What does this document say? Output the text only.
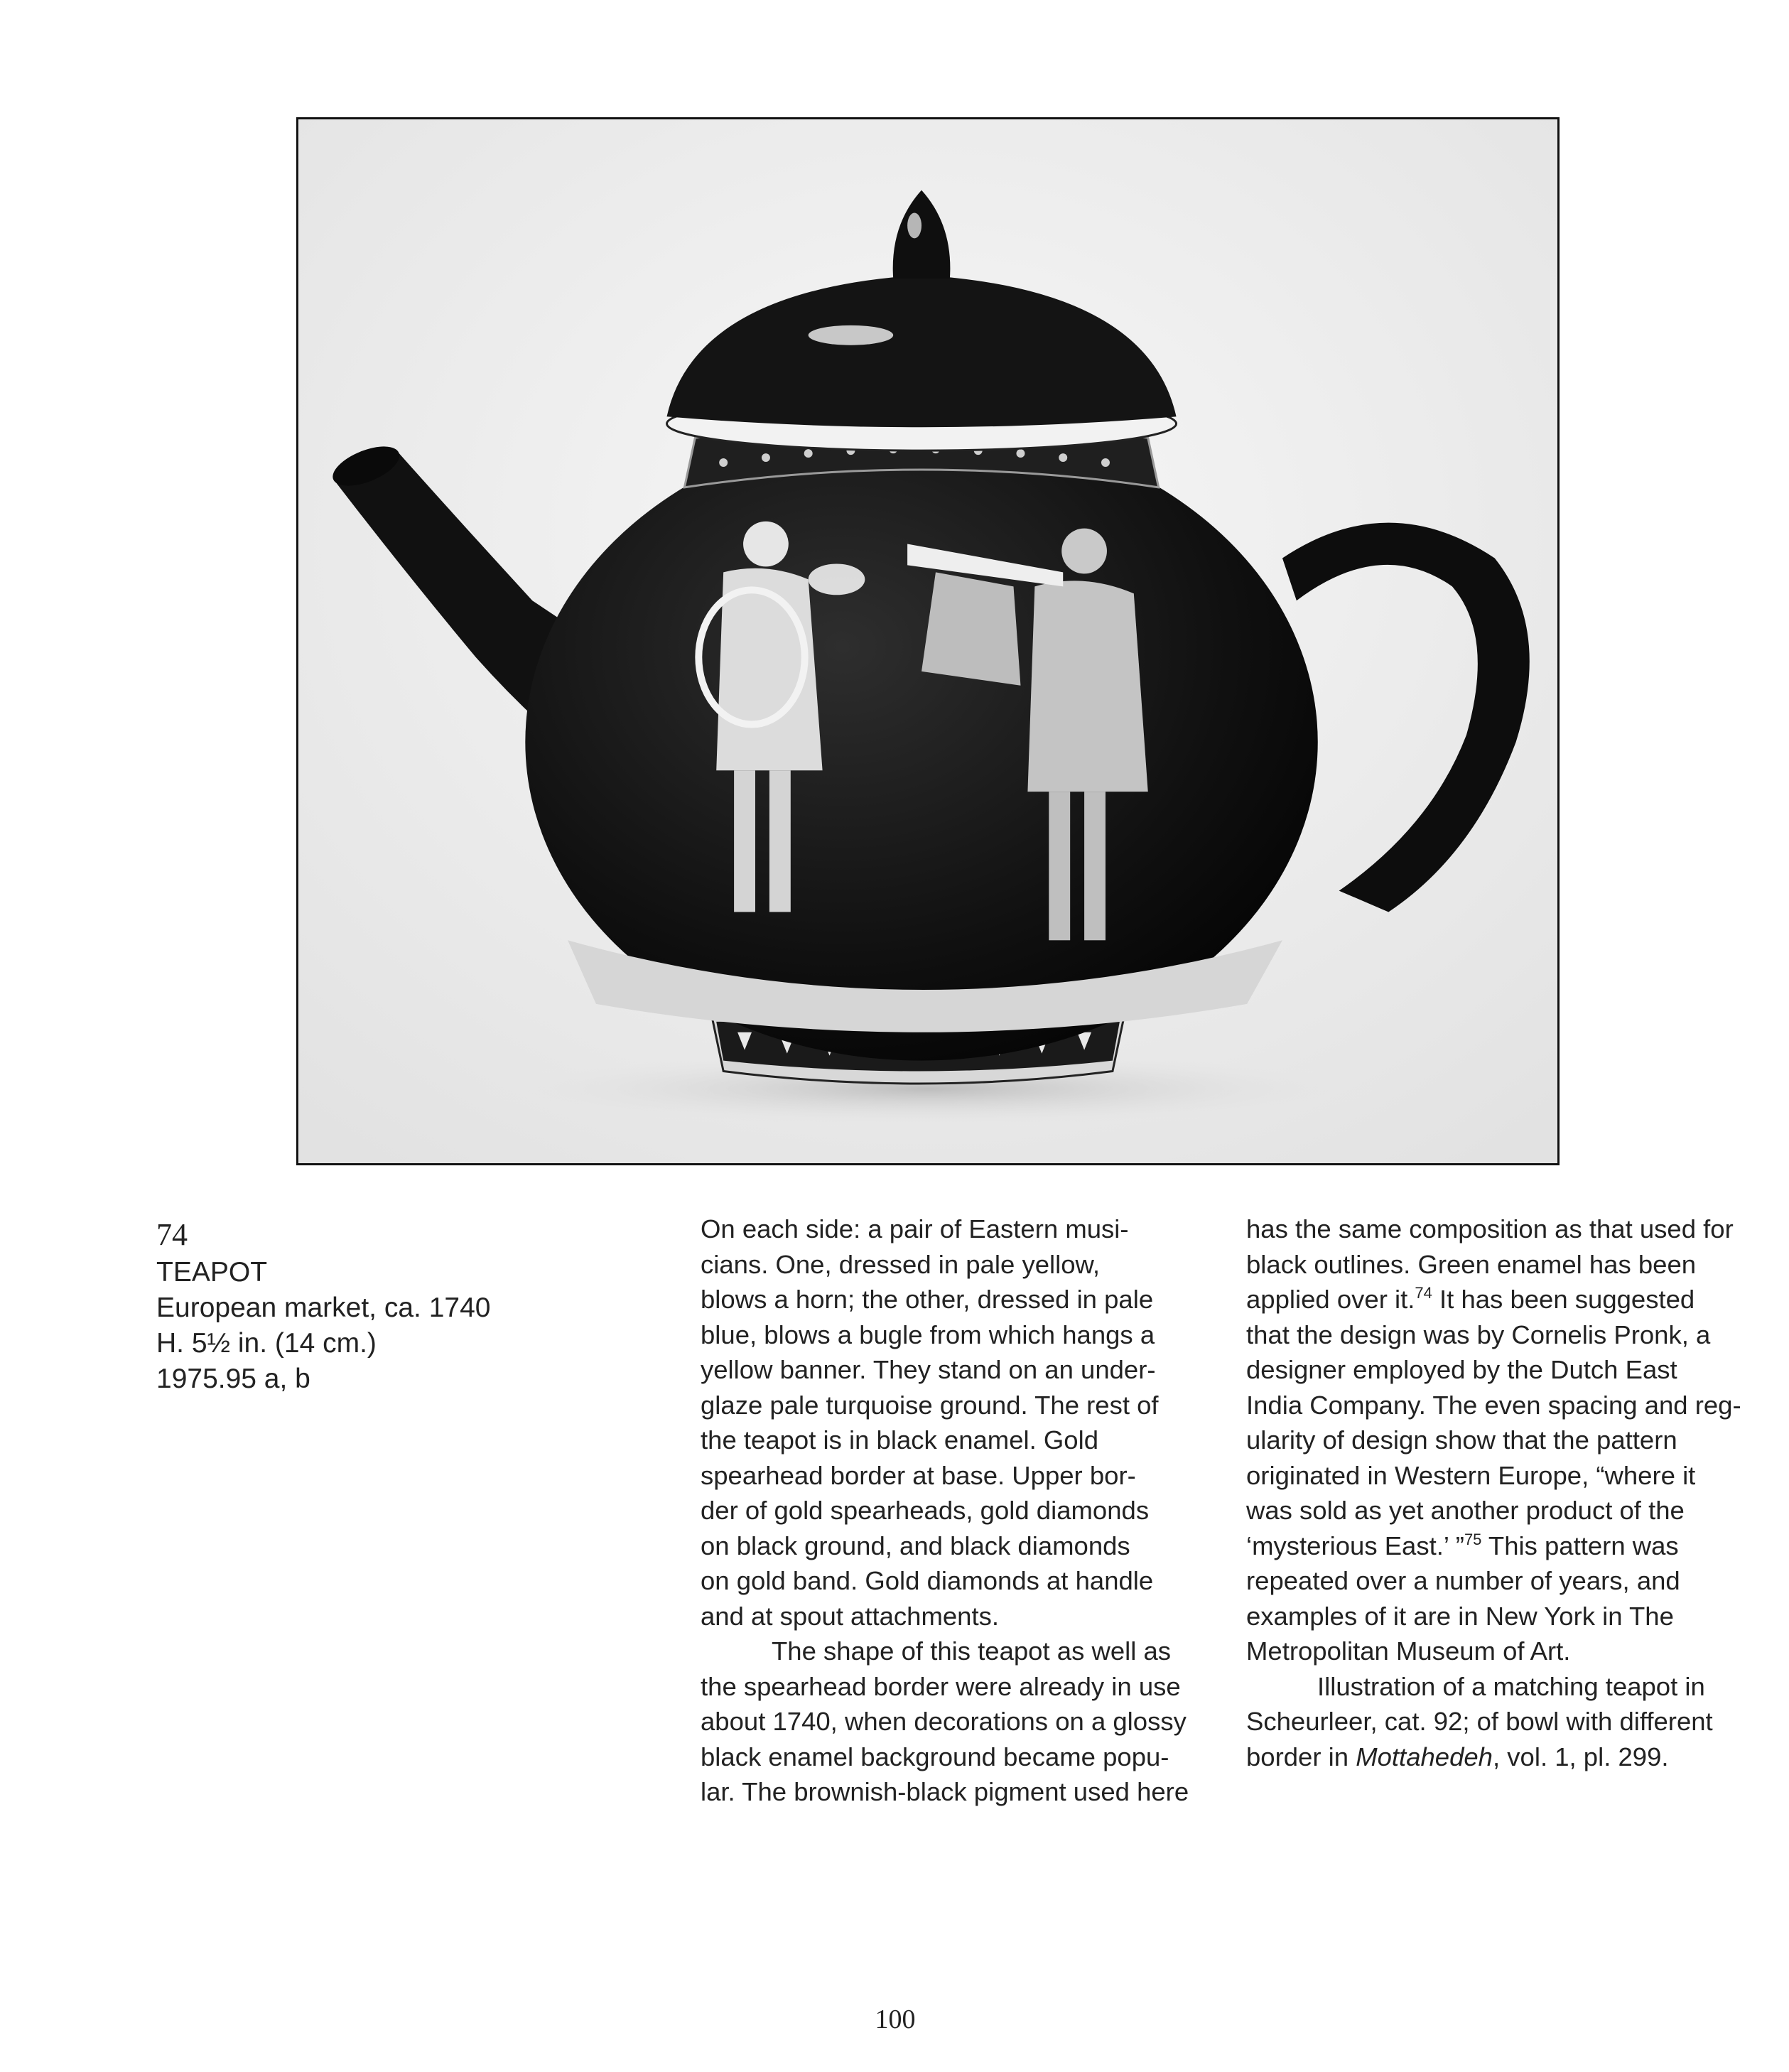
74
TEAPOT
European market, ca. 1740
H. 5½ in. (14 cm.)
1975.95 a, b

On each side: a pair of Eastern musi-
cians. One, dressed in pale yellow,
blows a horn; the other, dressed in pale
blue, blows a bugle from which hangs a
yellow banner. They stand on an under-
glaze pale turquoise ground. The rest of
the teapot is in black enamel. Gold
spearhead border at base. Upper bor-
der of gold spearheads, gold diamonds
on black ground, and black diamonds
on gold band. Gold diamonds at handle
and at spout attachments.

The shape of this teapot as well as
the spearhead border were already in use
about 1740, when decorations on a glossy
black enamel background became popu-
lar. The brownish-black pigment used here

has the same composition as that used for
black outlines. Green enamel has been
applied over it.$^{74}$ It has been suggested
that the design was by Cornelis Pronk, a
designer employed by the Dutch East
India Company. The even spacing and reg-
ularity of design show that the pattern
originated in Western Europe, “where it
was sold as yet another product of the
‘mysterious East.’ ”$^{75}$ This pattern was
repeated over a number of years, and
examples of it are in New York in The
Metropolitan Museum of Art.

Illustration of a matching teapot in
Scheurleer, cat. 92; of bowl with different
border in Mottahedeh, vol. 1, pl. 299.

100
